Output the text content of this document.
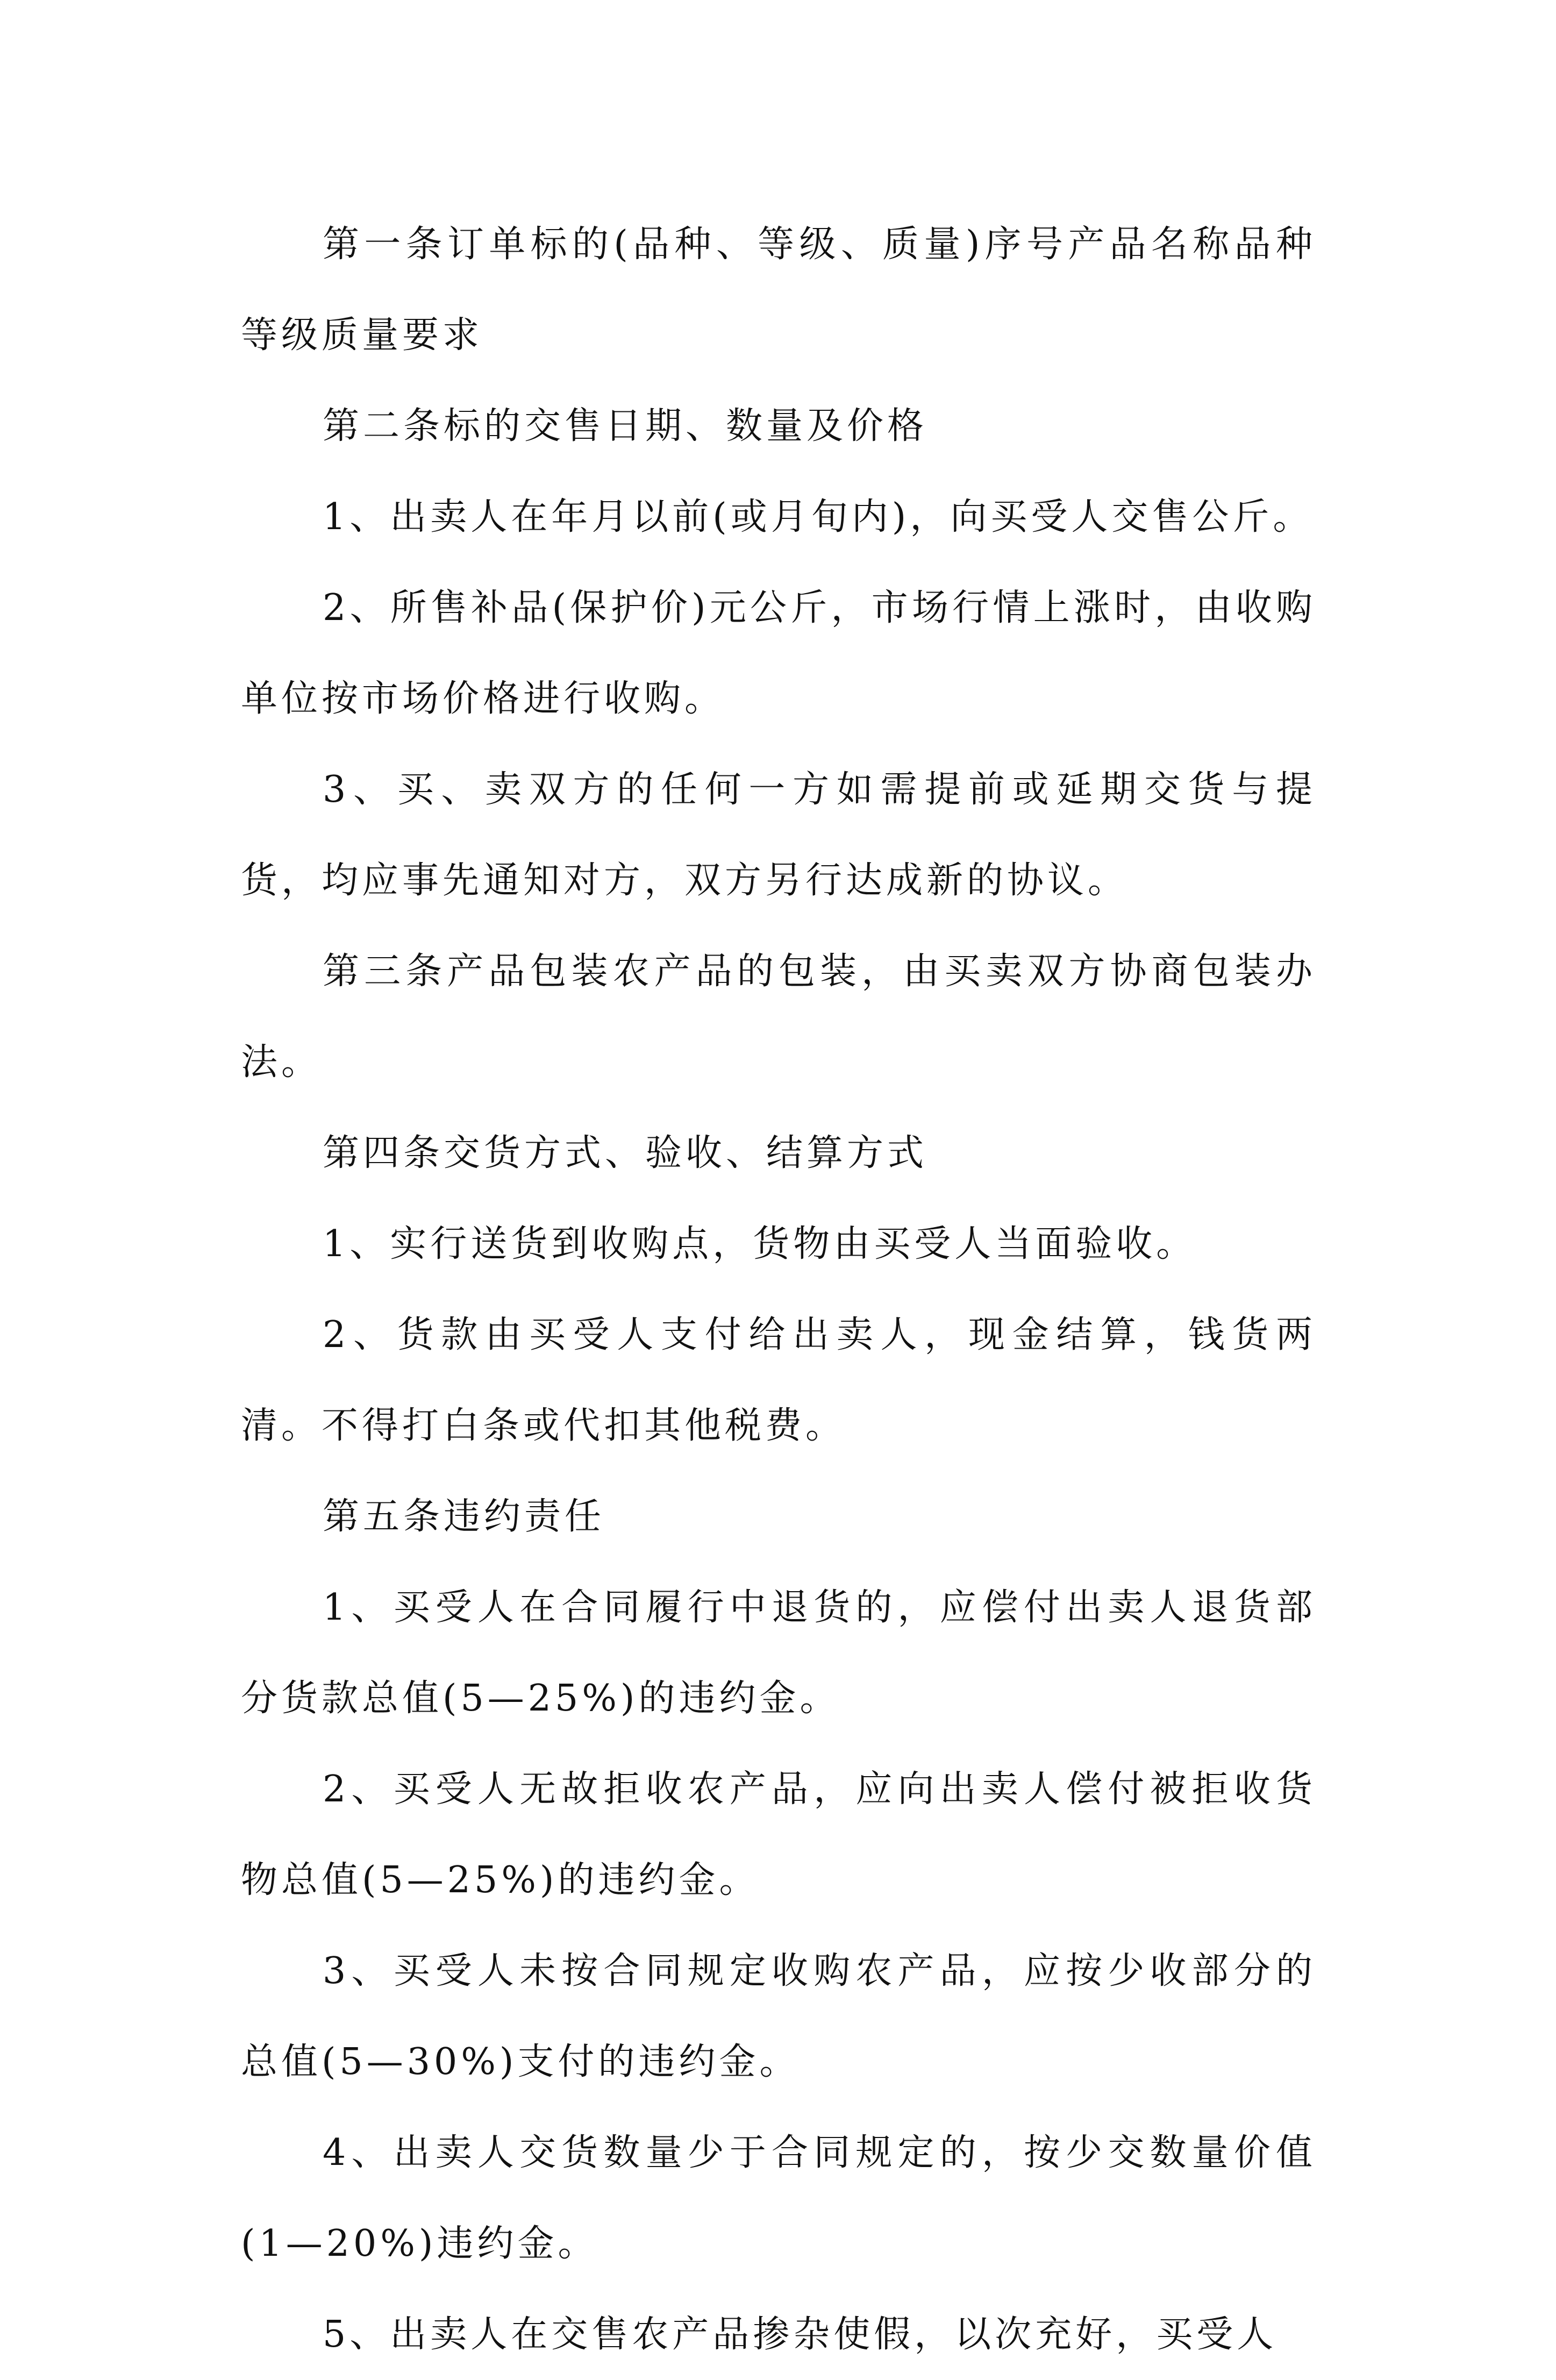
第一条订单标的(品种、等级、质量)序号产品名称品种等级质量要求

第二条标的交售日期、数量及价格

1、出卖人在年月以前(或月旬内)，向买受人交售公斤。

2、所售补品(保护价)元公斤，市场行情上涨时，由收购单位按市场价格进行收购。

3、买、卖双方的任何一方如需提前或延期交货与提货，均应事先通知对方，双方另行达成新的协议。

第三条产品包装农产品的包装，由买卖双方协商包装办法。

第四条交货方式、验收、结算方式

1、实行送货到收购点，货物由买受人当面验收。

2、货款由买受人支付给出卖人，现金结算，钱货两清。不得打白条或代扣其他税费。

第五条违约责任

1、买受人在合同履行中退货的，应偿付出卖人退货部分货款总值(5—25%)的违约金。

2、买受人无故拒收农产品，应向出卖人偿付被拒收货物总值(5—25%)的违约金。

3、买受人未按合同规定收购农产品，应按少收部分的总值(5—30%)支付的违约金。

4、出卖人交货数量少于合同规定的，按少交数量价值(1—20%)违约金。

5、出卖人在交售农产品掺杂使假，以次充好，买受人
